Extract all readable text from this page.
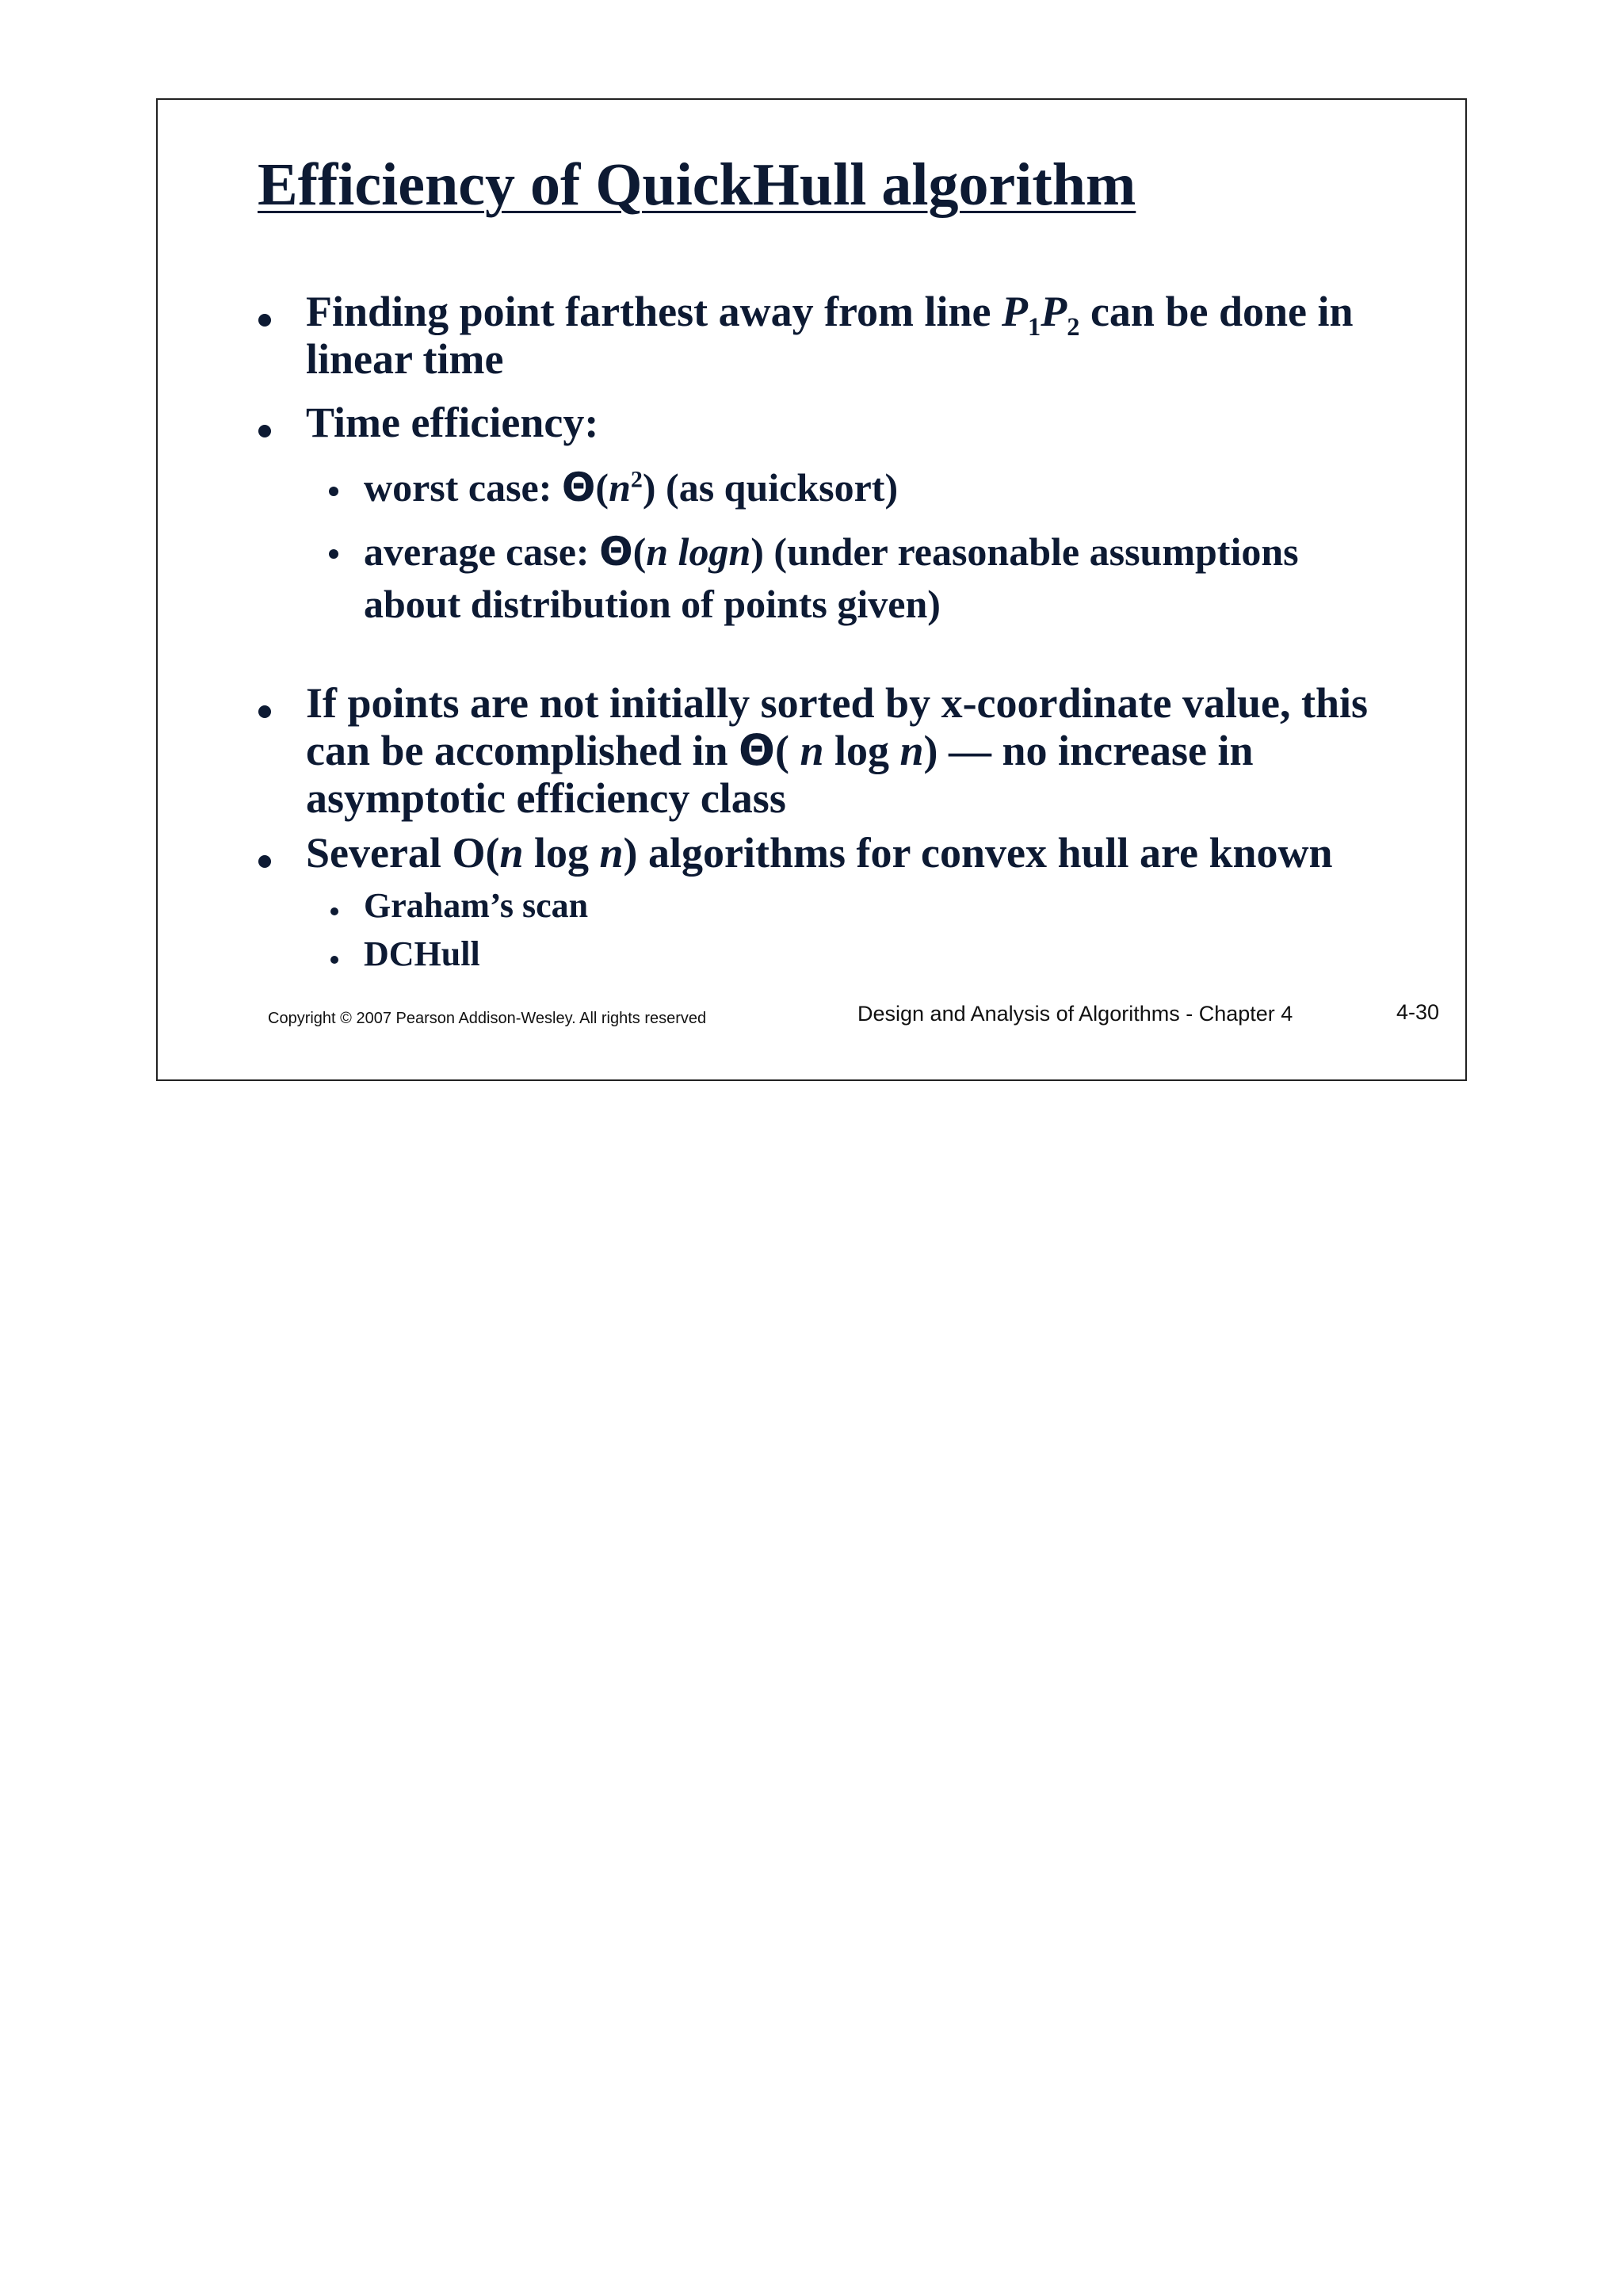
Efficiency of QuickHull algorithm
Finding point farthest away from line $P_1P_2$ can be done in
linear time
Time efficiency:
worst case: $\Theta(n^2)$ (as quicksort)
average case: Θ(n logn) (under reasonable assumptions
about distribution of points given)
If points are not initially sorted by x-coordinate value, this
can be accomplished in Θ( n log n) — no increase in
asymptotic efficiency class
Several O(n log n) algorithms for convex hull are known
Graham’s scan
DCHull
Copyright © 2007 Pearson Addison-Wesley. All rights reserved	Design and Analysis of Algorithms - Chapter 4	4-30
